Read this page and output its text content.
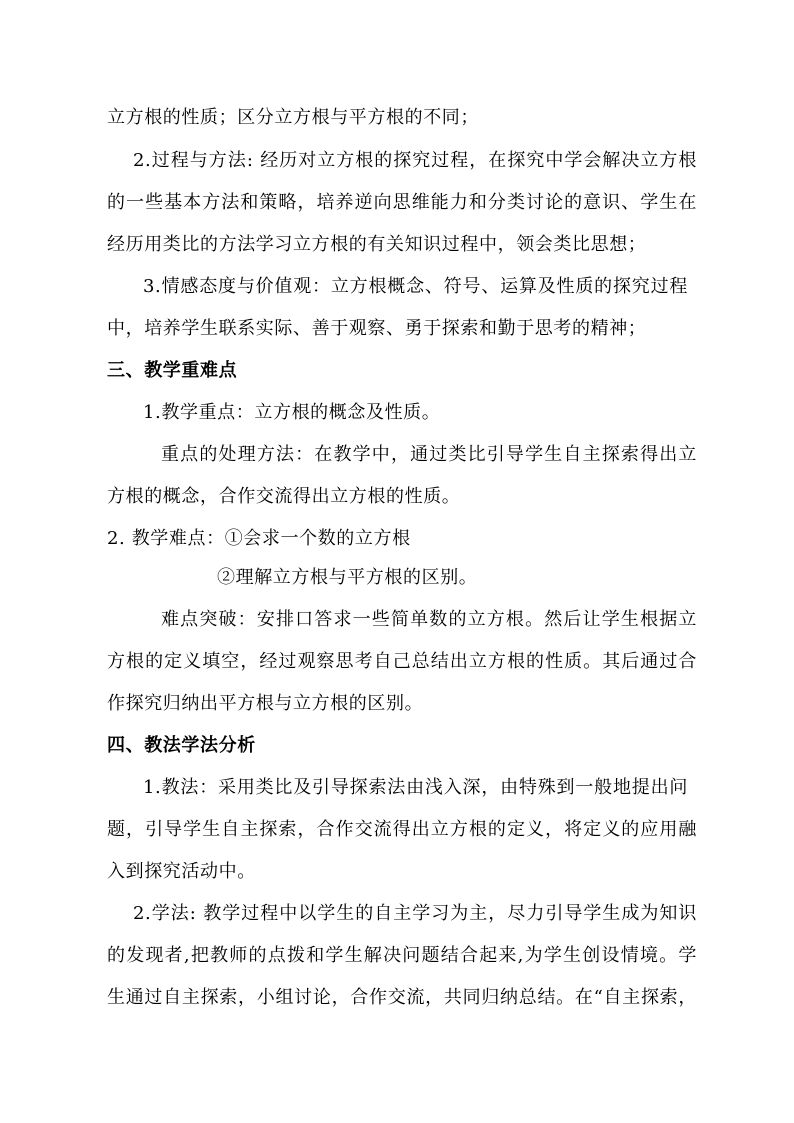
立方根的性质；区分立方根与平方根的不同；
2.过程与方法: 经历对立方根的探究过程，在探究中学会解决立方根
的一些基本方法和策略，培养逆向思维能力和分类讨论的意识、学生在
经历用类比的方法学习立方根的有关知识过程中，领会类比思想；
3.情感态度与价值观：立方根概念、符号、运算及性质的探究过程
中，培养学生联系实际、善于观察、勇于探索和勤于思考的精神；
三、教学重难点
1.教学重点：立方根的概念及性质。
重点的处理方法：在教学中，通过类比引导学生自主探索得出立
方根的概念，合作交流得出立方根的性质。
2. 教学难点：①会求一个数的立方根
②理解立方根与平方根的区别。
难点突破：安排口答求一些简单数的立方根。然后让学生根据立
方根的定义填空，经过观察思考自己总结出立方根的性质。其后通过合
作探究归纳出平方根与立方根的区别。
四、教法学法分析
1.教法：采用类比及引导探索法由浅入深，由特殊到一般地提出问
题，引导学生自主探索，合作交流得出立方根的定义，将定义的应用融
入到探究活动中。
2.学法: 教学过程中以学生的自主学习为主，尽力引导学生成为知识
的发现者,把教师的点拨和学生解决问题结合起来,为学生创设情境。学
生通过自主探索，小组讨论，合作交流，共同归纳总结。在“自主探索，
